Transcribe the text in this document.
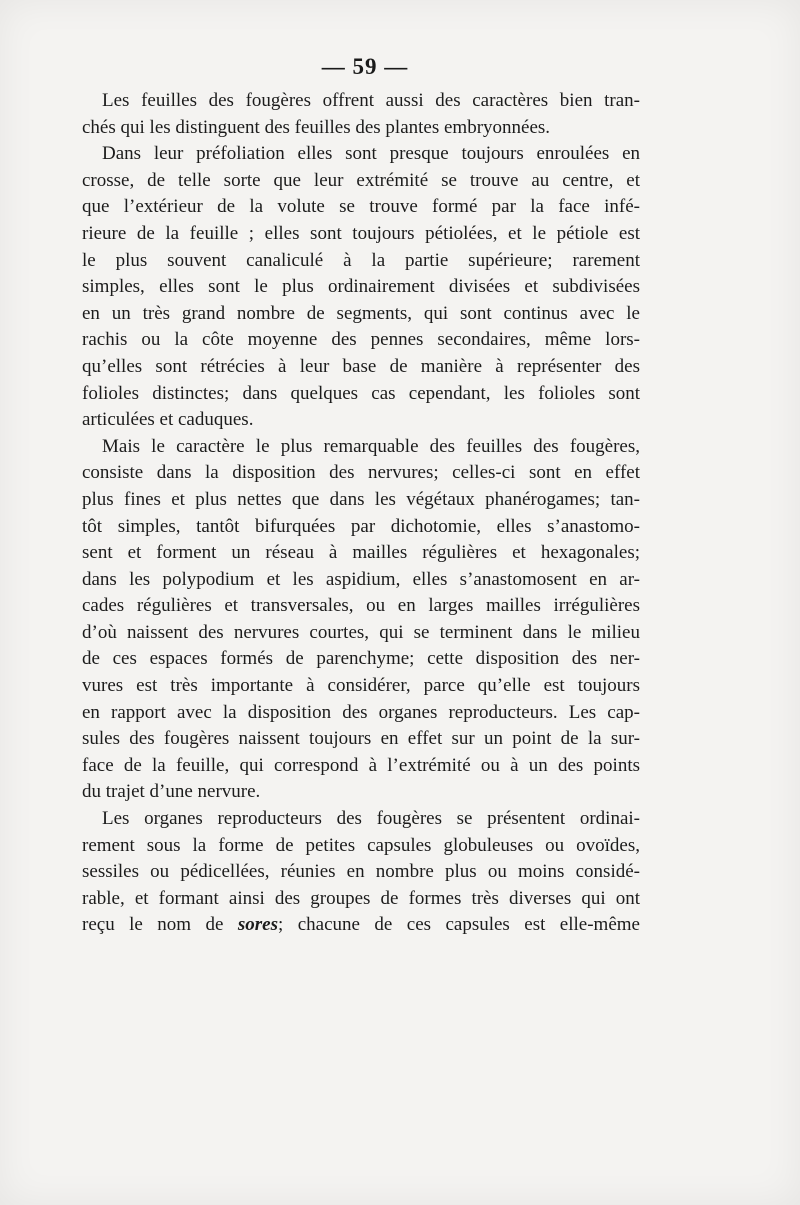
— 59 —
Les feuilles des fougères offrent aussi des caractères bien tran-
chés qui les distinguent des feuilles des plantes embryonnées.
Dans leur préfoliation elles sont presque toujours enroulées en
crosse, de telle sorte que leur extrémité se trouve au centre, et
que l’extérieur de la volute se trouve formé par la face infé-
rieure de la feuille ; elles sont toujours pétiolées, et le pétiole est
le plus souvent canaliculé à la partie supérieure; rarement
simples, elles sont le plus ordinairement divisées et subdivisées
en un très grand nombre de segments, qui sont continus avec le
rachis ou la côte moyenne des pennes secondaires, même lors-
qu’elles sont rétrécies à leur base de manière à représenter des
folioles distinctes; dans quelques cas cependant, les folioles sont
articulées et caduques.
Mais le caractère le plus remarquable des feuilles des fougères,
consiste dans la disposition des nervures; celles-ci sont en effet
plus fines et plus nettes que dans les végétaux phanérogames; tan-
tôt simples, tantôt bifurquées par dichotomie, elles s’anastomo-
sent et forment un réseau à mailles régulières et hexagonales;
dans les polypodium et les aspidium, elles s’anastomosent en ar-
cades régulières et transversales, ou en larges mailles irrégulières
d’où naissent des nervures courtes, qui se terminent dans le milieu
de ces espaces formés de parenchyme; cette disposition des ner-
vures est très importante à considérer, parce qu’elle est toujours
en rapport avec la disposition des organes reproducteurs. Les cap-
sules des fougères naissent toujours en effet sur un point de la sur-
face de la feuille, qui correspond à l’extrémité ou à un des points
du trajet d’une nervure.
Les organes reproducteurs des fougères se présentent ordinai-
rement sous la forme de petites capsules globuleuses ou ovoïdes,
sessiles ou pédicellées, réunies en nombre plus ou moins considé-
rable, et formant ainsi des groupes de formes très diverses qui ont
reçu le nom de sores; chacune de ces capsules est elle-même
